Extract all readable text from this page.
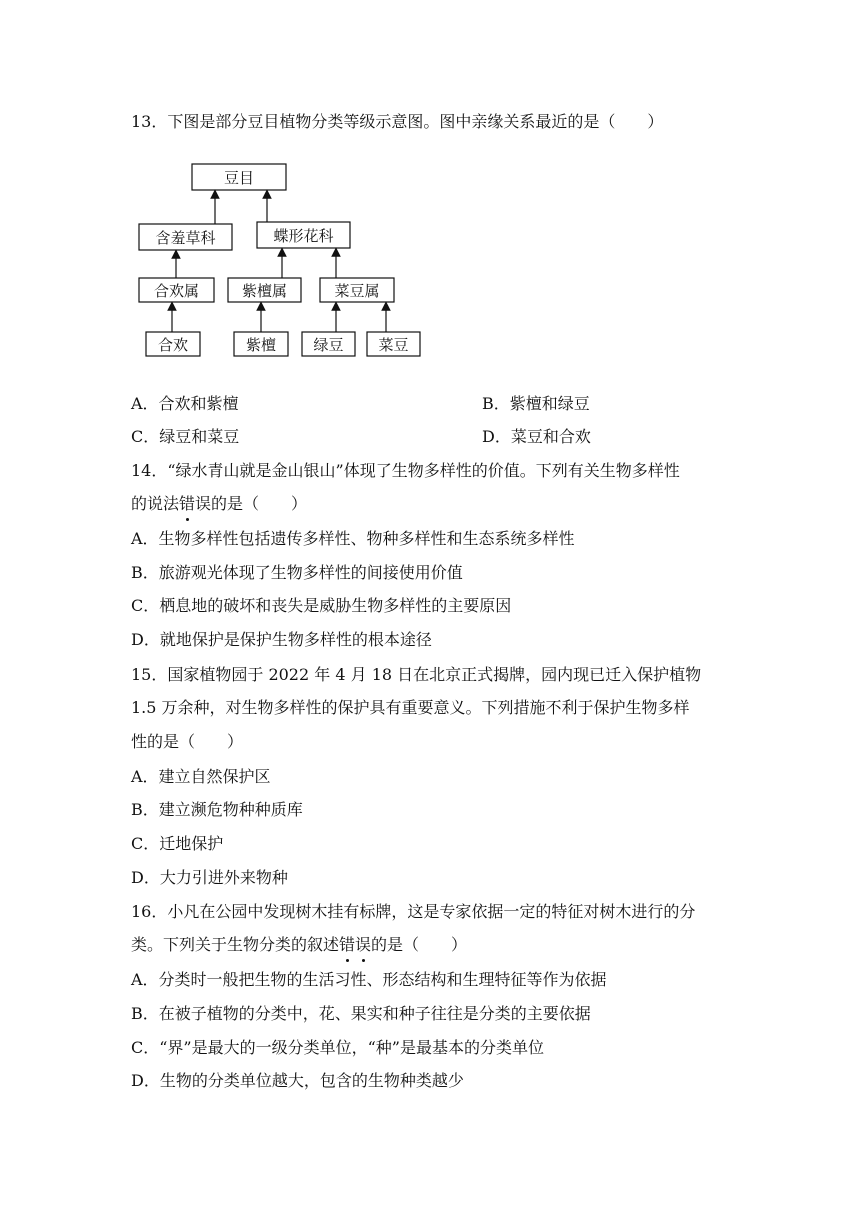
13．下图是部分豆目植物分类等级示意图。图中亲缘关系最近的是（　　）
豆目
含羞草科	蝶形花科
合欢属	紫檀属	菜豆属
合欢	紫檀 绿豆 菜豆
A．合欢和紫檀	B．紫檀和绿豆
C．绿豆和菜豆	D．菜豆和合欢
14．“绿水青山就是金山银山”体现了生物多样性的价值。下列有关生物多样性
的说法错误的是（　　）
A．生物多样性包括遗传多样性、物种多样性和生态系统多样性
B．旅游观光体现了生物多样性的间接使用价值
C．栖息地的破坏和丧失是威胁生物多样性的主要原因
D．就地保护是保护生物多样性的根本途径
15．国家植物园于 2022 年 4 月 18 日在北京正式揭牌，园内现已迁入保护植物
1.5 万余种，对生物多样性的保护具有重要意义。下列措施不利于保护生物多样
性的是（　　）
A．建立自然保护区
B．建立濒危物种种质库
C．迁地保护
D．大力引进外来物种
16．小凡在公园中发现树木挂有标牌，这是专家依据一定的特征对树木进行的分
类。下列关于生物分类的叙述错误的是（　　）
A．分类时一般把生物的生活习性、形态结构和生理特征等作为依据
B．在被子植物的分类中，花、果实和种子往往是分类的主要依据
C．“界”是最大的一级分类单位，“种”是最基本的分类单位
D．生物的分类单位越大，包含的生物种类越少
